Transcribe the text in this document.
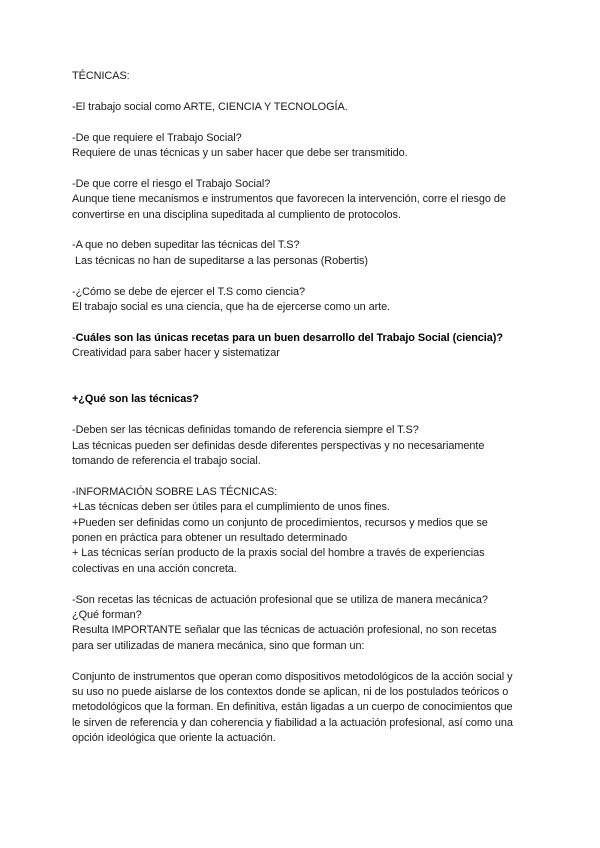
TÉCNICAS:
-El trabajo social como ARTE, CIENCIA Y TECNOLOGÍA.
-De que requiere el Trabajo Social?
Requiere de unas técnicas y un saber hacer que debe ser transmitido.
-De que corre el riesgo el Trabajo Social?
Aunque tiene mecanismos e instrumentos que favorecen la intervención, corre el riesgo de
convertirse en una disciplina supeditada al cumpliento de protocolos.
-A que no deben supeditar las técnicas del T.S?
Las técnicas no han de supeditarse a las personas (Robertis)
-¿Cómo se debe de ejercer el T.S como ciencia?
El trabajo social es una ciencia, que ha de ejercerse como un arte.
-Cuáles son las únicas recetas para un buen desarrollo del Trabajo Social (ciencia)?
Creatividad para saber hacer y sistematizar
+¿Qué son las técnicas?
-Deben ser las técnicas definidas tomando de referencia siempre el T.S?
Las técnicas pueden ser definidas desde diferentes perspectivas y no necesariamente
tomando de referencia el trabajo social.
-INFORMACIÓN SOBRE LAS TÉCNICAS:
+Las técnicas deben ser útiles para el cumplimiento de unos fines.
+Pueden ser definidas como un conjunto de procedimientos, recursos y medios que se
ponen en práctica para obtener un resultado determinado
+ Las técnicas serían producto de la praxis social del hombre a través de experiencias
colectivas en una acción concreta.
-Son recetas las técnicas de actuación profesional que se utiliza de manera mecánica?
¿Qué forman?
Resulta IMPORTANTE señalar que las técnicas de actuación profesional, no son recetas
para ser utilizadas de manera mecánica, sino que forman un:
Conjunto de instrumentos que operan como dispositivos metodológicos de la acción social y
su uso no puede aislarse de los contextos donde se aplican, ni de los postulados teóricos o
metodológicos que la forman. En definitiva, están ligadas a un cuerpo de conocimientos que
le sirven de referencia y dan coherencia y fiabilidad a la actuación profesional, así como una
opción ideológica que oriente la actuación.
